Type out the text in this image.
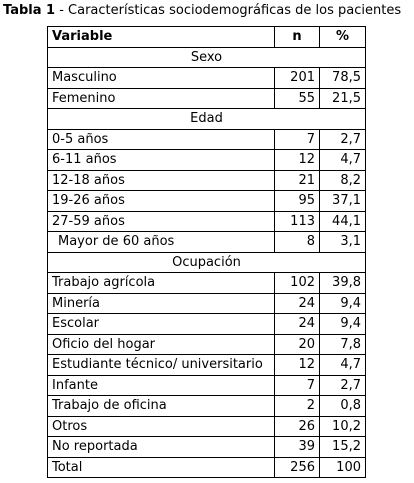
Tabla 1 - Características sociodemográficas de los pacientes
Variable	n	%
Sexo		
Masculino	201	78,5
Femenino	55	21,5
Edad		
0-5 años	7	2,7
6-11 años	12	4,7
12-18 años	21	8,2
19-26 años	95	37,1
27-59 años	113	44,1
Mayor de 60 años	8	3,1
Ocupación		
Trabajo agrícola	102	39,8
Minería	24	9,4
Escolar	24	9,4
Oficio del hogar	20	7,8
Estudiante técnico/ universitario	12	4,7
Infante	7	2,7
Trabajo de oficina	2	0,8
Otros	26	10,2
No reportada	39	15,2
Total	256	100
